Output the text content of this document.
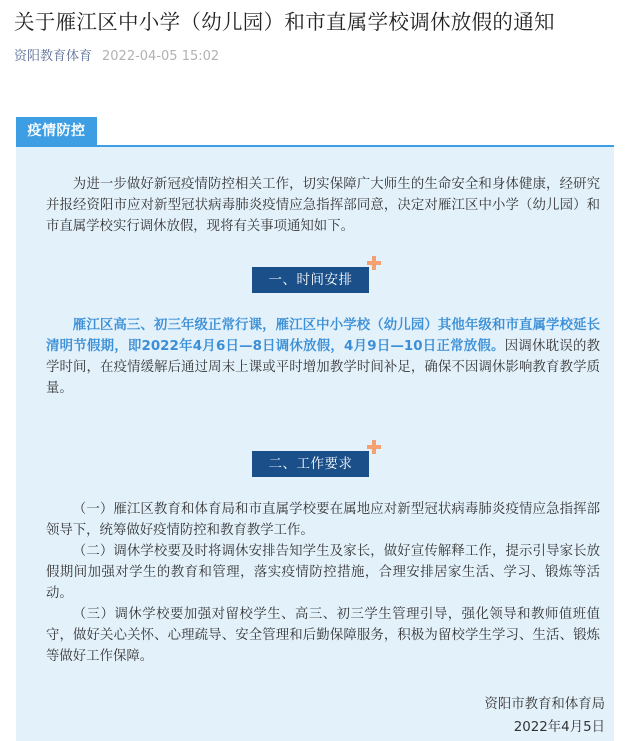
关于雁江区中小学（幼儿园）和市直属学校调休放假的通知
资阳教育体育 2022-04-05 15:02
疫情防控

为进一步做好新冠疫情防控相关工作，切实保障广大师生的生命安全和身体健康，经研究并报经资阳市应对新型冠状病毒肺炎疫情应急指挥部同意，决定对雁江区中小学（幼儿园）和市直属学校实行调休放假，现将有关事项通知如下。

一、时间安排

雁江区高三、初三年级正常行课，雁江区中小学校（幼儿园）其他年级和市直属学校延长清明节假期，即2022年4月6日—8日调休放假，4月9日—10日正常放假。因调休耽误的教学时间，在疫情缓解后通过周末上课或平时增加教学时间补足，确保不因调休影响教育教学质量。

二、工作要求

（一）雁江区教育和体育局和市直属学校要在属地应对新型冠状病毒肺炎疫情应急指挥部领导下，统筹做好疫情防控和教育教学工作。

（二）调休学校要及时将调休安排告知学生及家长，做好宣传解释工作，提示引导家长放假期间加强对学生的教育和管理，落实疫情防控措施，合理安排居家生活、学习、锻炼等活动。

（三）调休学校要加强对留校学生、高三、初三学生管理引导，强化领导和教师值班值守，做好关心关怀、心理疏导、安全管理和后勤保障服务，积极为留校学生学习、生活、锻炼等做好工作保障。

资阳市教育和体育局
2022年4月5日
